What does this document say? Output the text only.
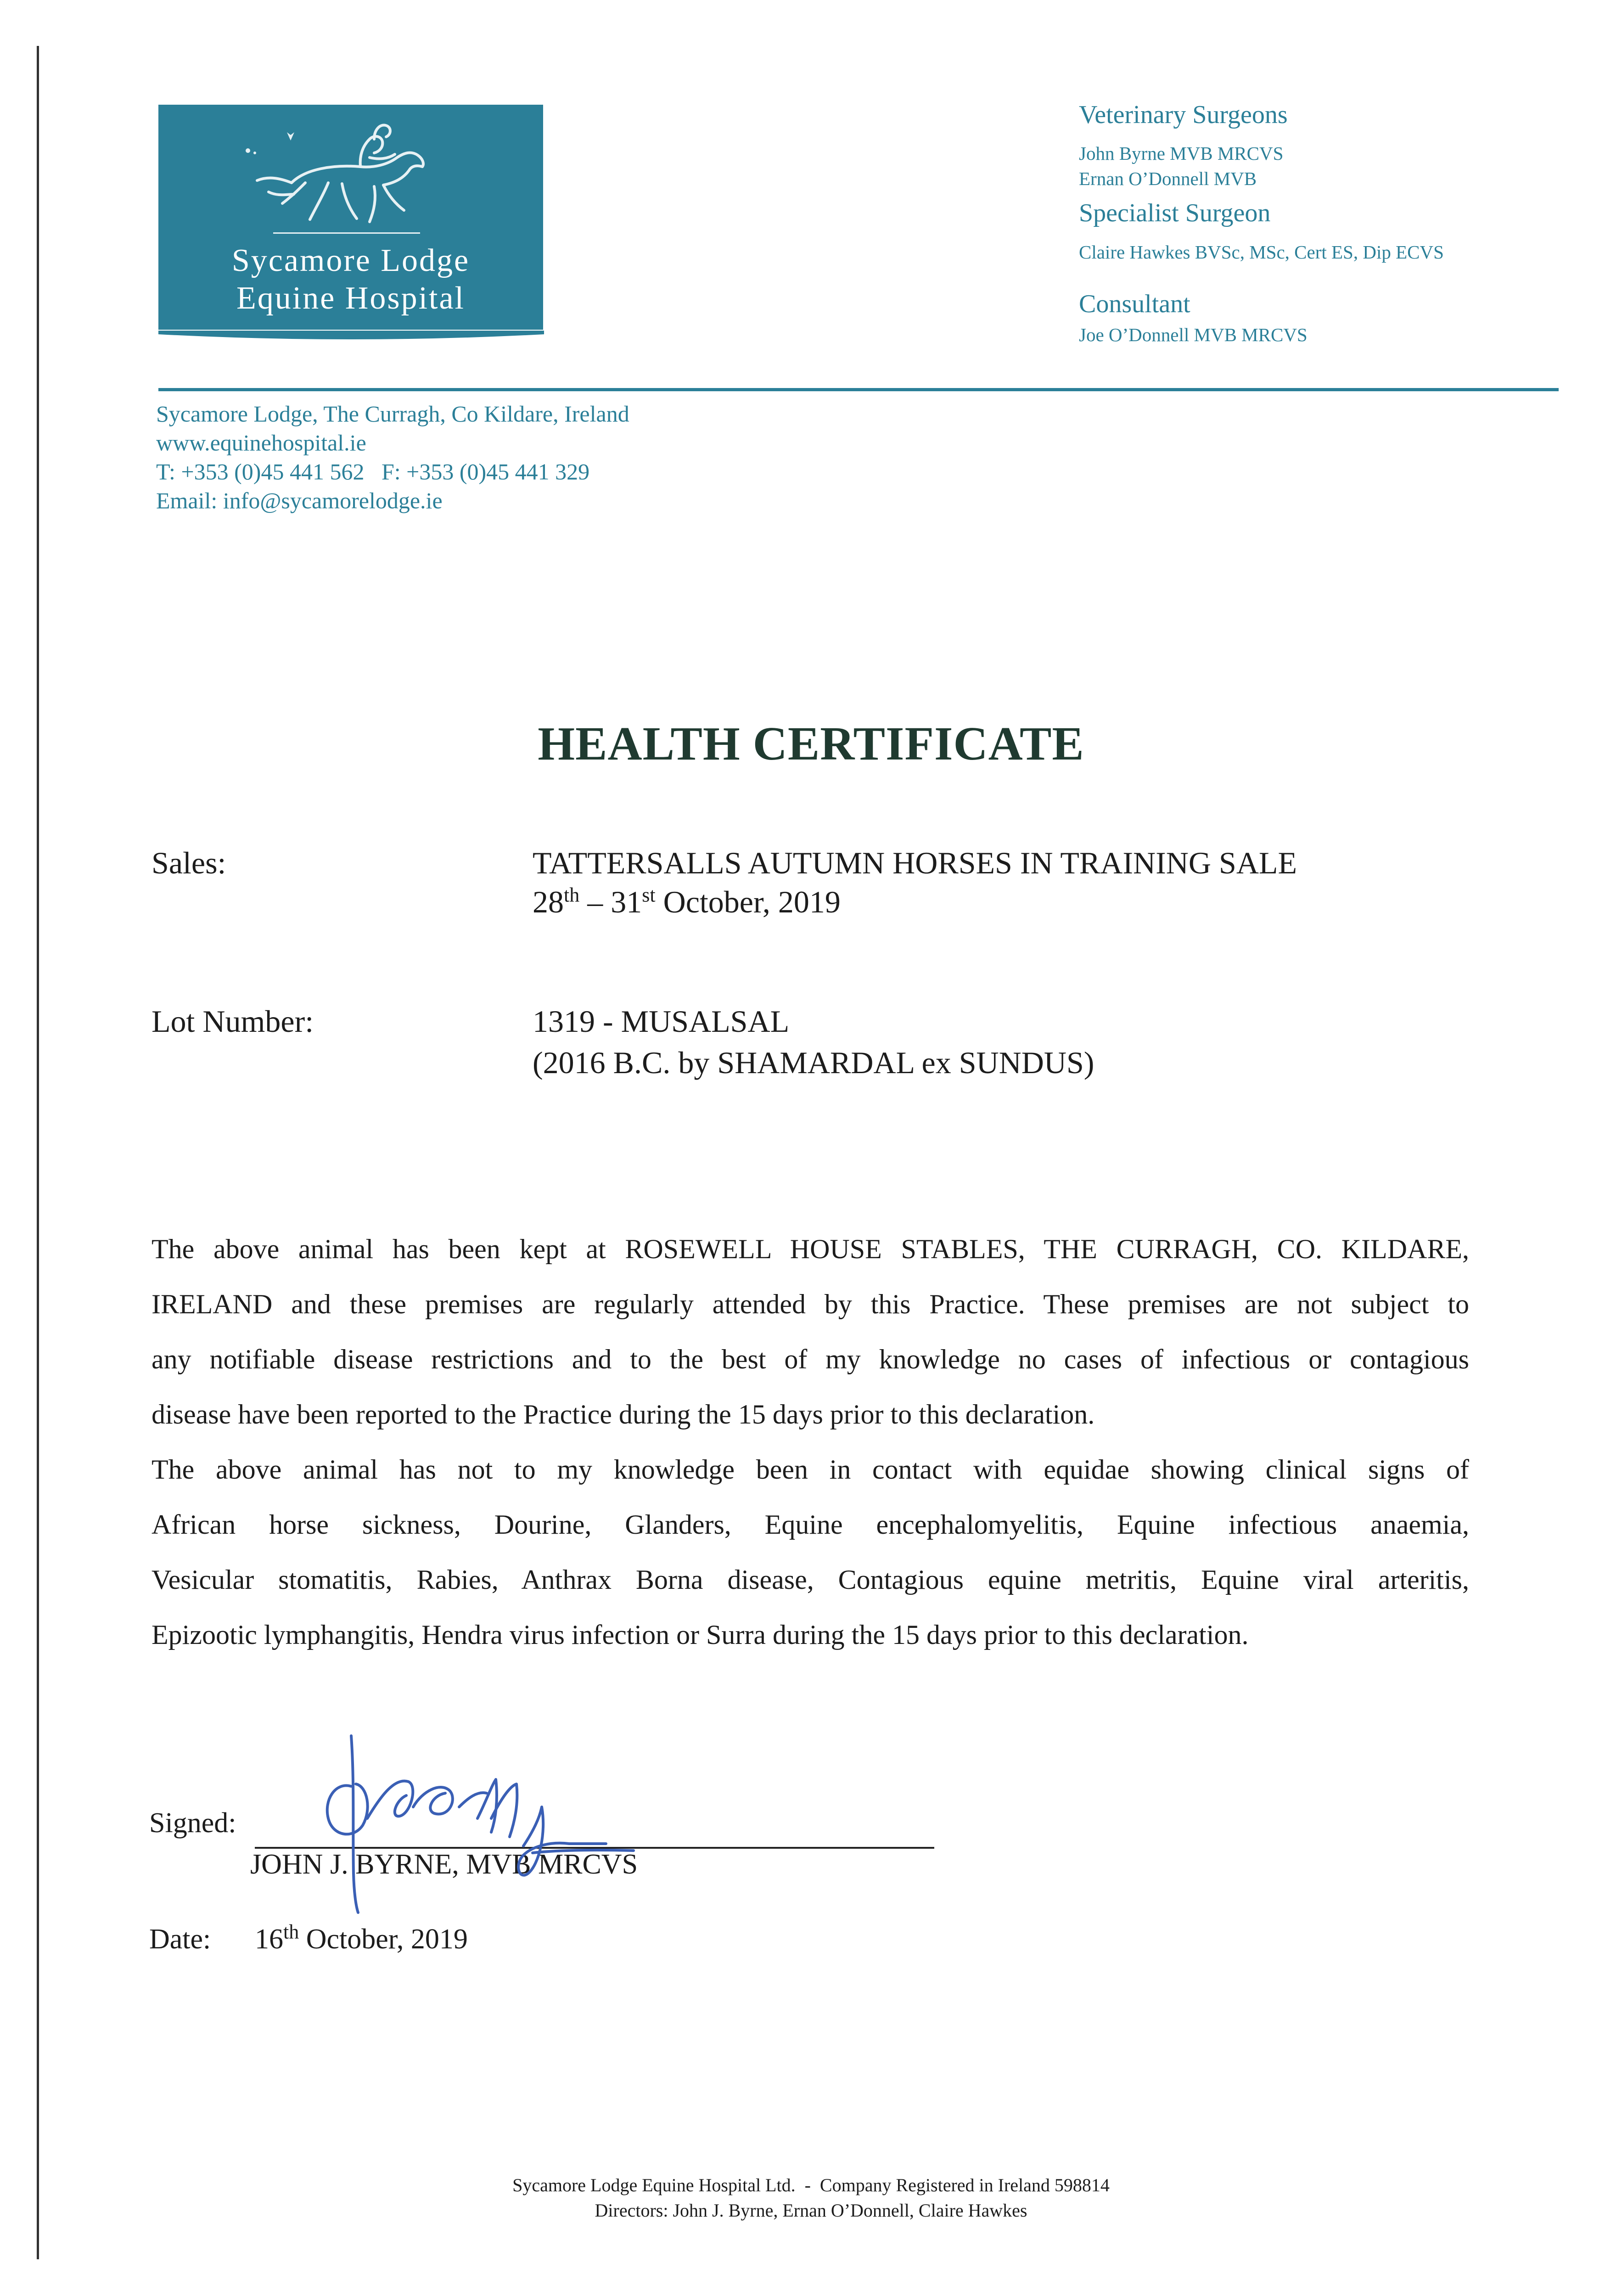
Sycamore Lodge
Equine Hospital
Veterinary Surgeons
John Byrne MVB MRCVS
Ernan O’Donnell MVB
Specialist Surgeon
Claire Hawkes BVSc, MSc, Cert ES, Dip ECVS
Consultant
Joe O’Donnell MVB MRCVS
Sycamore Lodge, The Curragh, Co Kildare, Ireland
www.equinehospital.ie
T: +353 (0)45 441 562   F: +353 (0)45 441 329
Email: info@sycamorelodge.ie
HEALTH CERTIFICATE
Sales:	TATTERSALLS AUTUMN HORSES IN TRAINING SALE
28th – 31st October, 2019
Lot Number:	1319 - MUSALSAL
(2016 B.C. by SHAMARDAL ex SUNDUS)
The above animal has been kept at ROSEWELL HOUSE STABLES, THE CURRAGH, CO. KILDARE,
IRELAND and these premises are regularly attended by this Practice. These premises are not subject to
any notifiable disease restrictions and to the best of my knowledge no cases of infectious or contagious
disease have been reported to the Practice during the 15 days prior to this declaration.
The above animal has not to my knowledge been in contact with equidae showing clinical signs of
African horse sickness, Dourine, Glanders, Equine encephalomyelitis, Equine infectious anaemia,
Vesicular stomatitis, Rabies, Anthrax Borna disease, Contagious equine metritis, Equine viral arteritis,
Epizootic lymphangitis, Hendra virus infection or Surra during the 15 days prior to this declaration.
Signed:
JOHN J. BYRNE, MVB MRCVS
Date: 16th October, 2019
Sycamore Lodge Equine Hospital Ltd.  -  Company Registered in Ireland 598814
Directors: John J. Byrne, Ernan O’Donnell, Claire Hawkes
